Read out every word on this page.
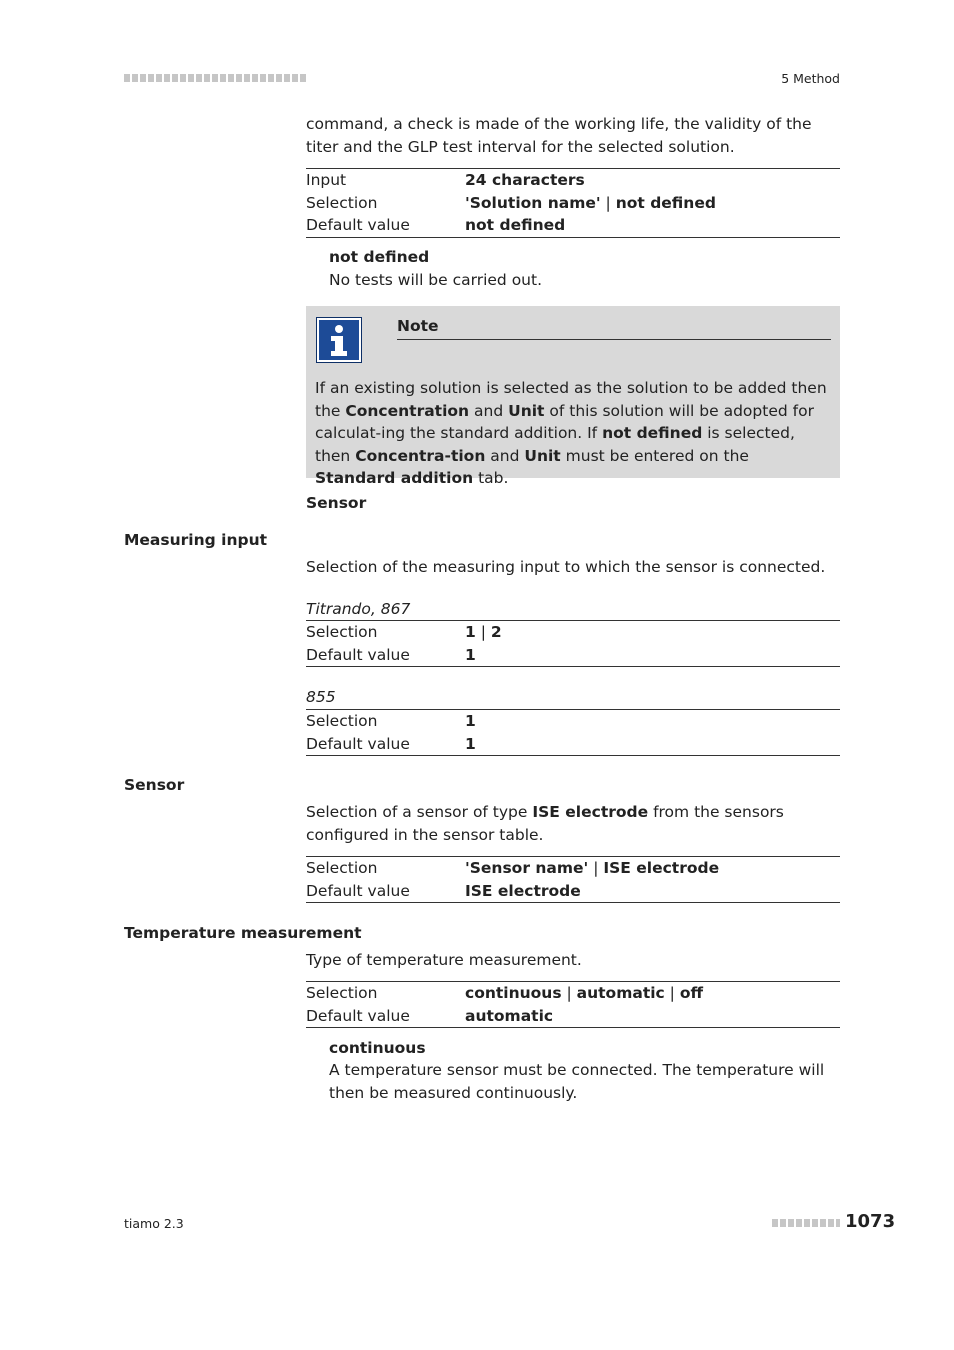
5 Method
command, a check is made of the working life, the validity of the titer and the GLP test interval for the selected solution.
Input	24 characters
Selection	'Solution name' | not defined
Default value	not defined
not defined
No tests will be carried out.
Note
If an existing solution is selected as the solution to be added then the Concentration and Unit of this solution will be adopted for calculat-ing the standard addition. If not defined is selected, then Concentra-tion and Unit must be entered on the Standard addition tab.
Sensor
Measuring input
Selection of the measuring input to which the sensor is connected.
Titrando, 867
Selection	1 | 2
Default value	1
855
Selection	1
Default value	1
Sensor
Selection of a sensor of type ISE electrode from the sensors configured in the sensor table.
Selection	'Sensor name' | ISE electrode
Default value	ISE electrode
Temperature measurement
Type of temperature measurement.
Selection	continuous | automatic | off
Default value	automatic
continuous
A temperature sensor must be connected. The temperature will then be measured continuously.
tiamo 2.3	1073
